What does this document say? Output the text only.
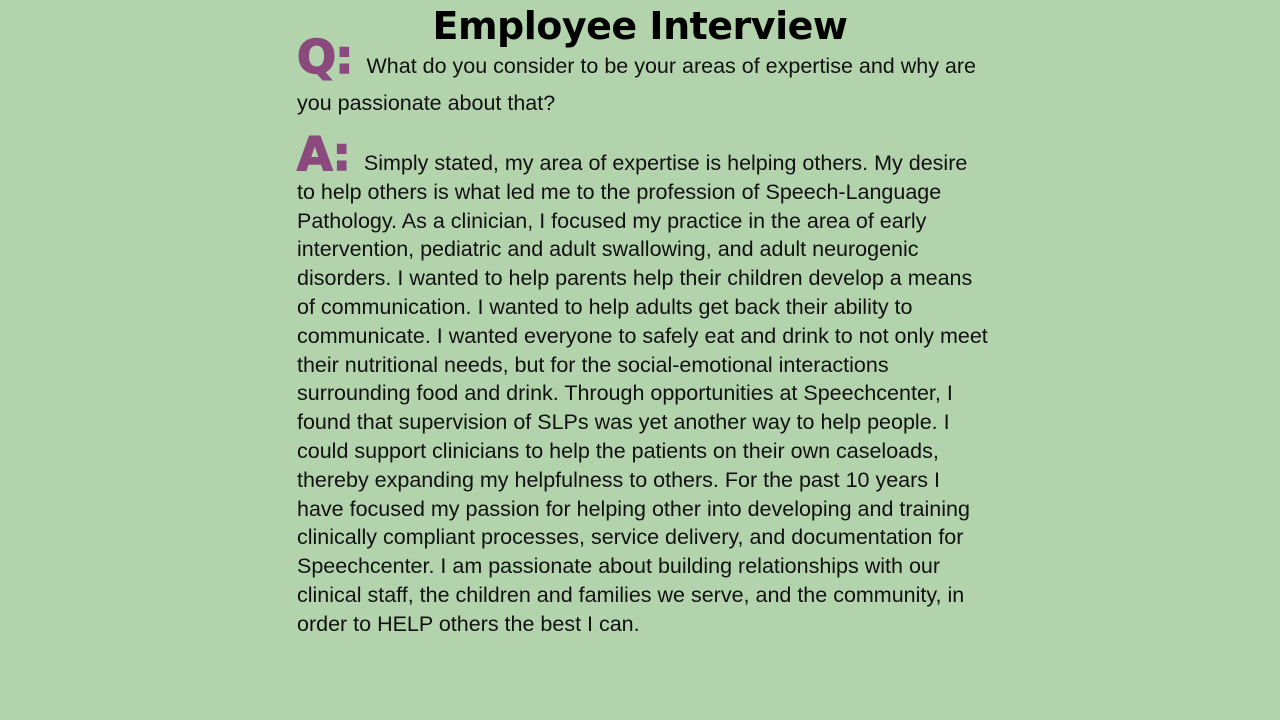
Employee Interview

Q: What do you consider to be your areas of expertise and why are you passionate about that?

A: Simply stated, my area of expertise is helping others. My desire to help others is what led me to the profession of Speech-Language Pathology. As a clinician, I focused my practice in the area of early intervention, pediatric and adult swallowing, and adult neurogenic disorders. I wanted to help parents help their children develop a means of communication. I wanted to help adults get back their ability to communicate. I wanted everyone to safely eat and drink to not only meet their nutritional needs, but for the social-emotional interactions surrounding food and drink. Through opportunities at Speechcenter, I found that supervision of SLPs was yet another way to help people. I could support clinicians to help the patients on their own caseloads, thereby expanding my helpfulness to others. For the past 10 years I have focused my passion for helping other into developing and training clinically compliant processes, service delivery, and documentation for Speechcenter. I am passionate about building relationships with our clinical staff, the children and families we serve, and the community, in order to HELP others the best I can.
